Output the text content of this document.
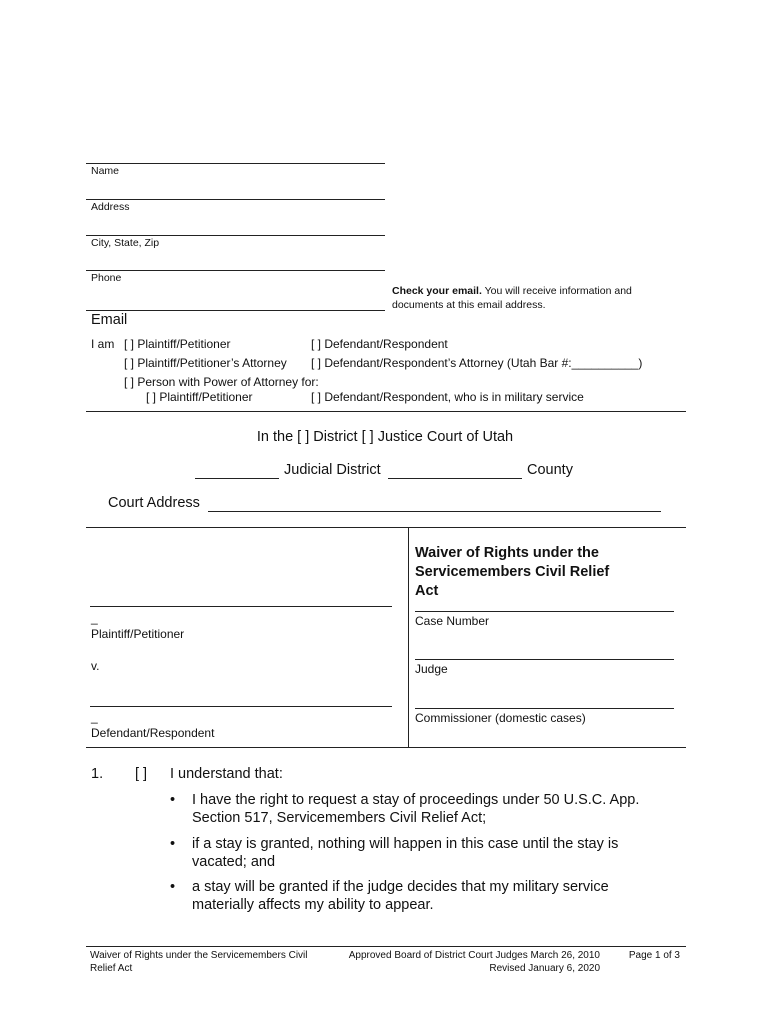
Name
Address
City, State, Zip
Phone
Check your email. You will receive information and documents at this email address.
Email
I am [ ] Plaintiff/Petitioner	[ ] Defendant/Respondent
[ ] Plaintiff/Petitioner’s Attorney [ ] Defendant/Respondent’s Attorney (Utah Bar #:__________)
[ ] Person with Power of Attorney for:
[ ] Plaintiff/Petitioner	[ ] Defendant/Respondent, who is in military service
In the [ ] District [ ] Justice Court of Utah
Judicial District	County
Court Address
Waiver of Rights under the Servicemembers Civil Relief Act
_
Plaintiff/Petitioner
v.
_
Defendant/Respondent
Case Number
Judge
Commissioner (domestic cases)
1. [ ] I understand that:
• I have the right to request a stay of proceedings under 50 U.S.C. App. Section 517, Servicemembers Civil Relief Act;
• if a stay is granted, nothing will happen in this case until the stay is vacated; and
• a stay will be granted if the judge decides that my military service materially affects my ability to appear.
Waiver of Rights under the Servicemembers Civil Relief Act
Approved Board of District Court Judges March 26, 2010
Revised January 6, 2020
Page 1 of 3
